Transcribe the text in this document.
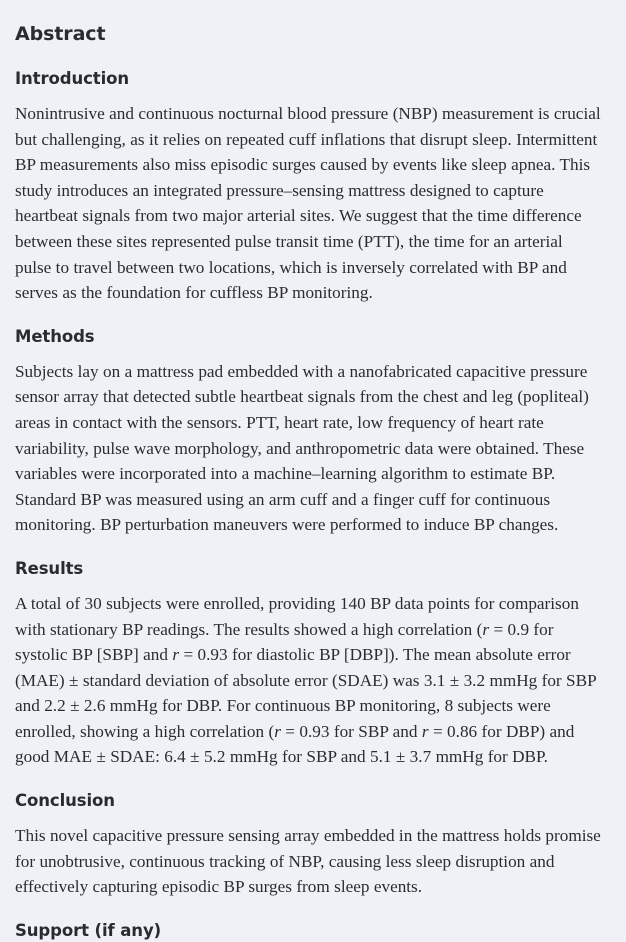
Abstract
Introduction

Nonintrusive and continuous nocturnal blood pressure (NBP) measurement is crucial but challenging, as it relies on repeated cuff inflations that disrupt sleep. Intermittent BP measurements also miss episodic surges caused by events like sleep apnea. This study introduces an integrated pressure–sensing mattress designed to capture heartbeat signals from two major arterial sites. We suggest that the time difference between these sites represented pulse transit time (PTT), the time for an arterial pulse to travel between two locations, which is inversely correlated with BP and serves as the foundation for cuffless BP monitoring.

Methods

Subjects lay on a mattress pad embedded with a nanofabricated capacitive pressure sensor array that detected subtle heartbeat signals from the chest and leg (popliteal) areas in contact with the sensors. PTT, heart rate, low frequency of heart rate variability, pulse wave morphology, and anthropometric data were obtained. These variables were incorporated into a machine–learning algorithm to estimate BP. Standard BP was measured using an arm cuff and a finger cuff for continuous monitoring. BP perturbation maneuvers were performed to induce BP changes.

Results

A total of 30 subjects were enrolled, providing 140 BP data points for comparison with stationary BP readings. The results showed a high correlation (r = 0.9 for systolic BP [SBP] and r = 0.93 for diastolic BP [DBP]). The mean absolute error (MAE) ± standard deviation of absolute error (SDAE) was 3.1 ± 3.2 mmHg for SBP and 2.2 ± 2.6 mmHg for DBP. For continuous BP monitoring, 8 subjects were enrolled, showing a high correlation (r = 0.93 for SBP and r = 0.86 for DBP) and good MAE ± SDAE: 6.4 ± 5.2 mmHg for SBP and 5.1 ± 3.7 mmHg for DBP.

Conclusion

This novel capacitive pressure sensing array embedded in the mattress holds promise for unobtrusive, continuous tracking of NBP, causing less sleep disruption and effectively capturing episodic BP surges from sleep events.

Support (if any)
